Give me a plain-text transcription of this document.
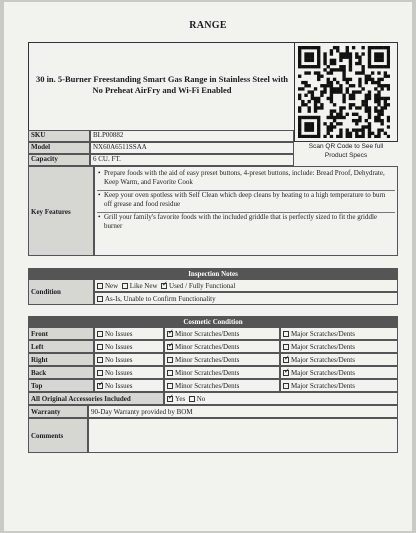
RANGE
30 in. 5-Burner Freestanding Smart Gas Range in Stainless Steel with No Preheat AirFry and Wi-Fi Enabled
Scan QR Code to See full
Product Specs
SKU	BLP00882
Model	NX60A6511SSAA
Capacity	6 CU. FT.
Key Features
• Prepare foods with the aid of easy preset buttons, 4-preset buttons, include: Bread Proof, Dehydrate, Keep Warm, and Favorite Cook
• Keep your oven spotless with Self Clean which deep cleans by heating to a high temperature to burn off grease and food residue
• Grill your family's favorite foods with the included griddle that is perfectly sized to fit the griddle burner
Inspection Notes
Condition
New Like New ✓ Used / Fully Functional
As-Is, Unable to Confirm Functionality
Cosmetic Condition
Front	No Issues ✓	Minor Scratches/Dents	Major Scratches/Dents
Left	No Issues ✓	Minor Scratches/Dents	Major Scratches/Dents
Right	No Issues	Minor Scratches/Dents ✓	Major Scratches/Dents
Back	No Issues	Minor Scratches/Dents ✓	Major Scratches/Dents
Top ✓	No Issues	Minor Scratches/Dents	Major Scratches/Dents
All Original Accessories Included ✓	Yes No
Warranty	90-Day Warranty provided by BOM
Comments
